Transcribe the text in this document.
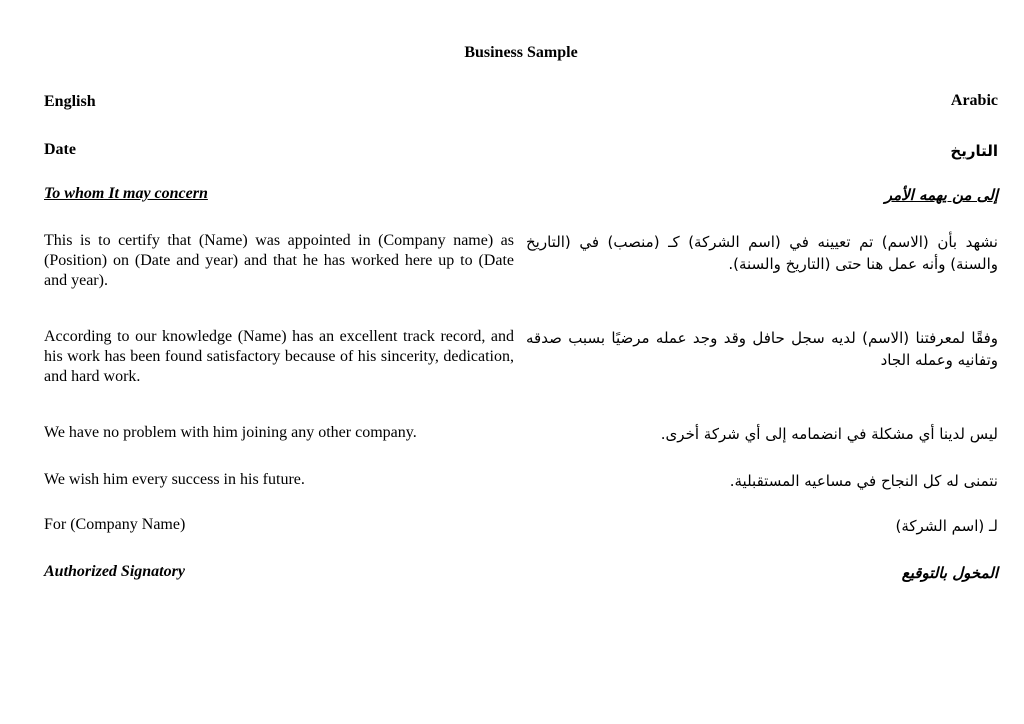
Business Sample
English	Arabic
Date	التاريخ
To whom It may concern	إلى من يهمه الأمر
This is to certify that (Name) was appointed in (Company name) as (Position) on (Date and year) and that he has worked here up to (Date and year).
نشهد بأن (الاسم) تم تعيينه في (اسم الشركة) كـ (منصب) في (التاريخ والسنة) وأنه عمل هنا حتى (التاريخ والسنة).
According to our knowledge (Name) has an excellent track record, and his work has been found satisfactory because of his sincerity, dedication, and hard work.
وفقًا لمعرفتنا (الاسم) لديه سجل حافل وقد وجد عمله مرضيًا بسبب صدقه وتفانيه وعمله الجاد
We have no problem with him joining any other company.	ليس لدينا أي مشكلة في انضمامه إلى أي شركة أخرى.
We wish him every success in his future.	نتمنى له كل النجاح في مساعيه المستقبلية.
For (Company Name)	لـ (اسم الشركة)
Authorized Signatory	المخول بالتوقيع
